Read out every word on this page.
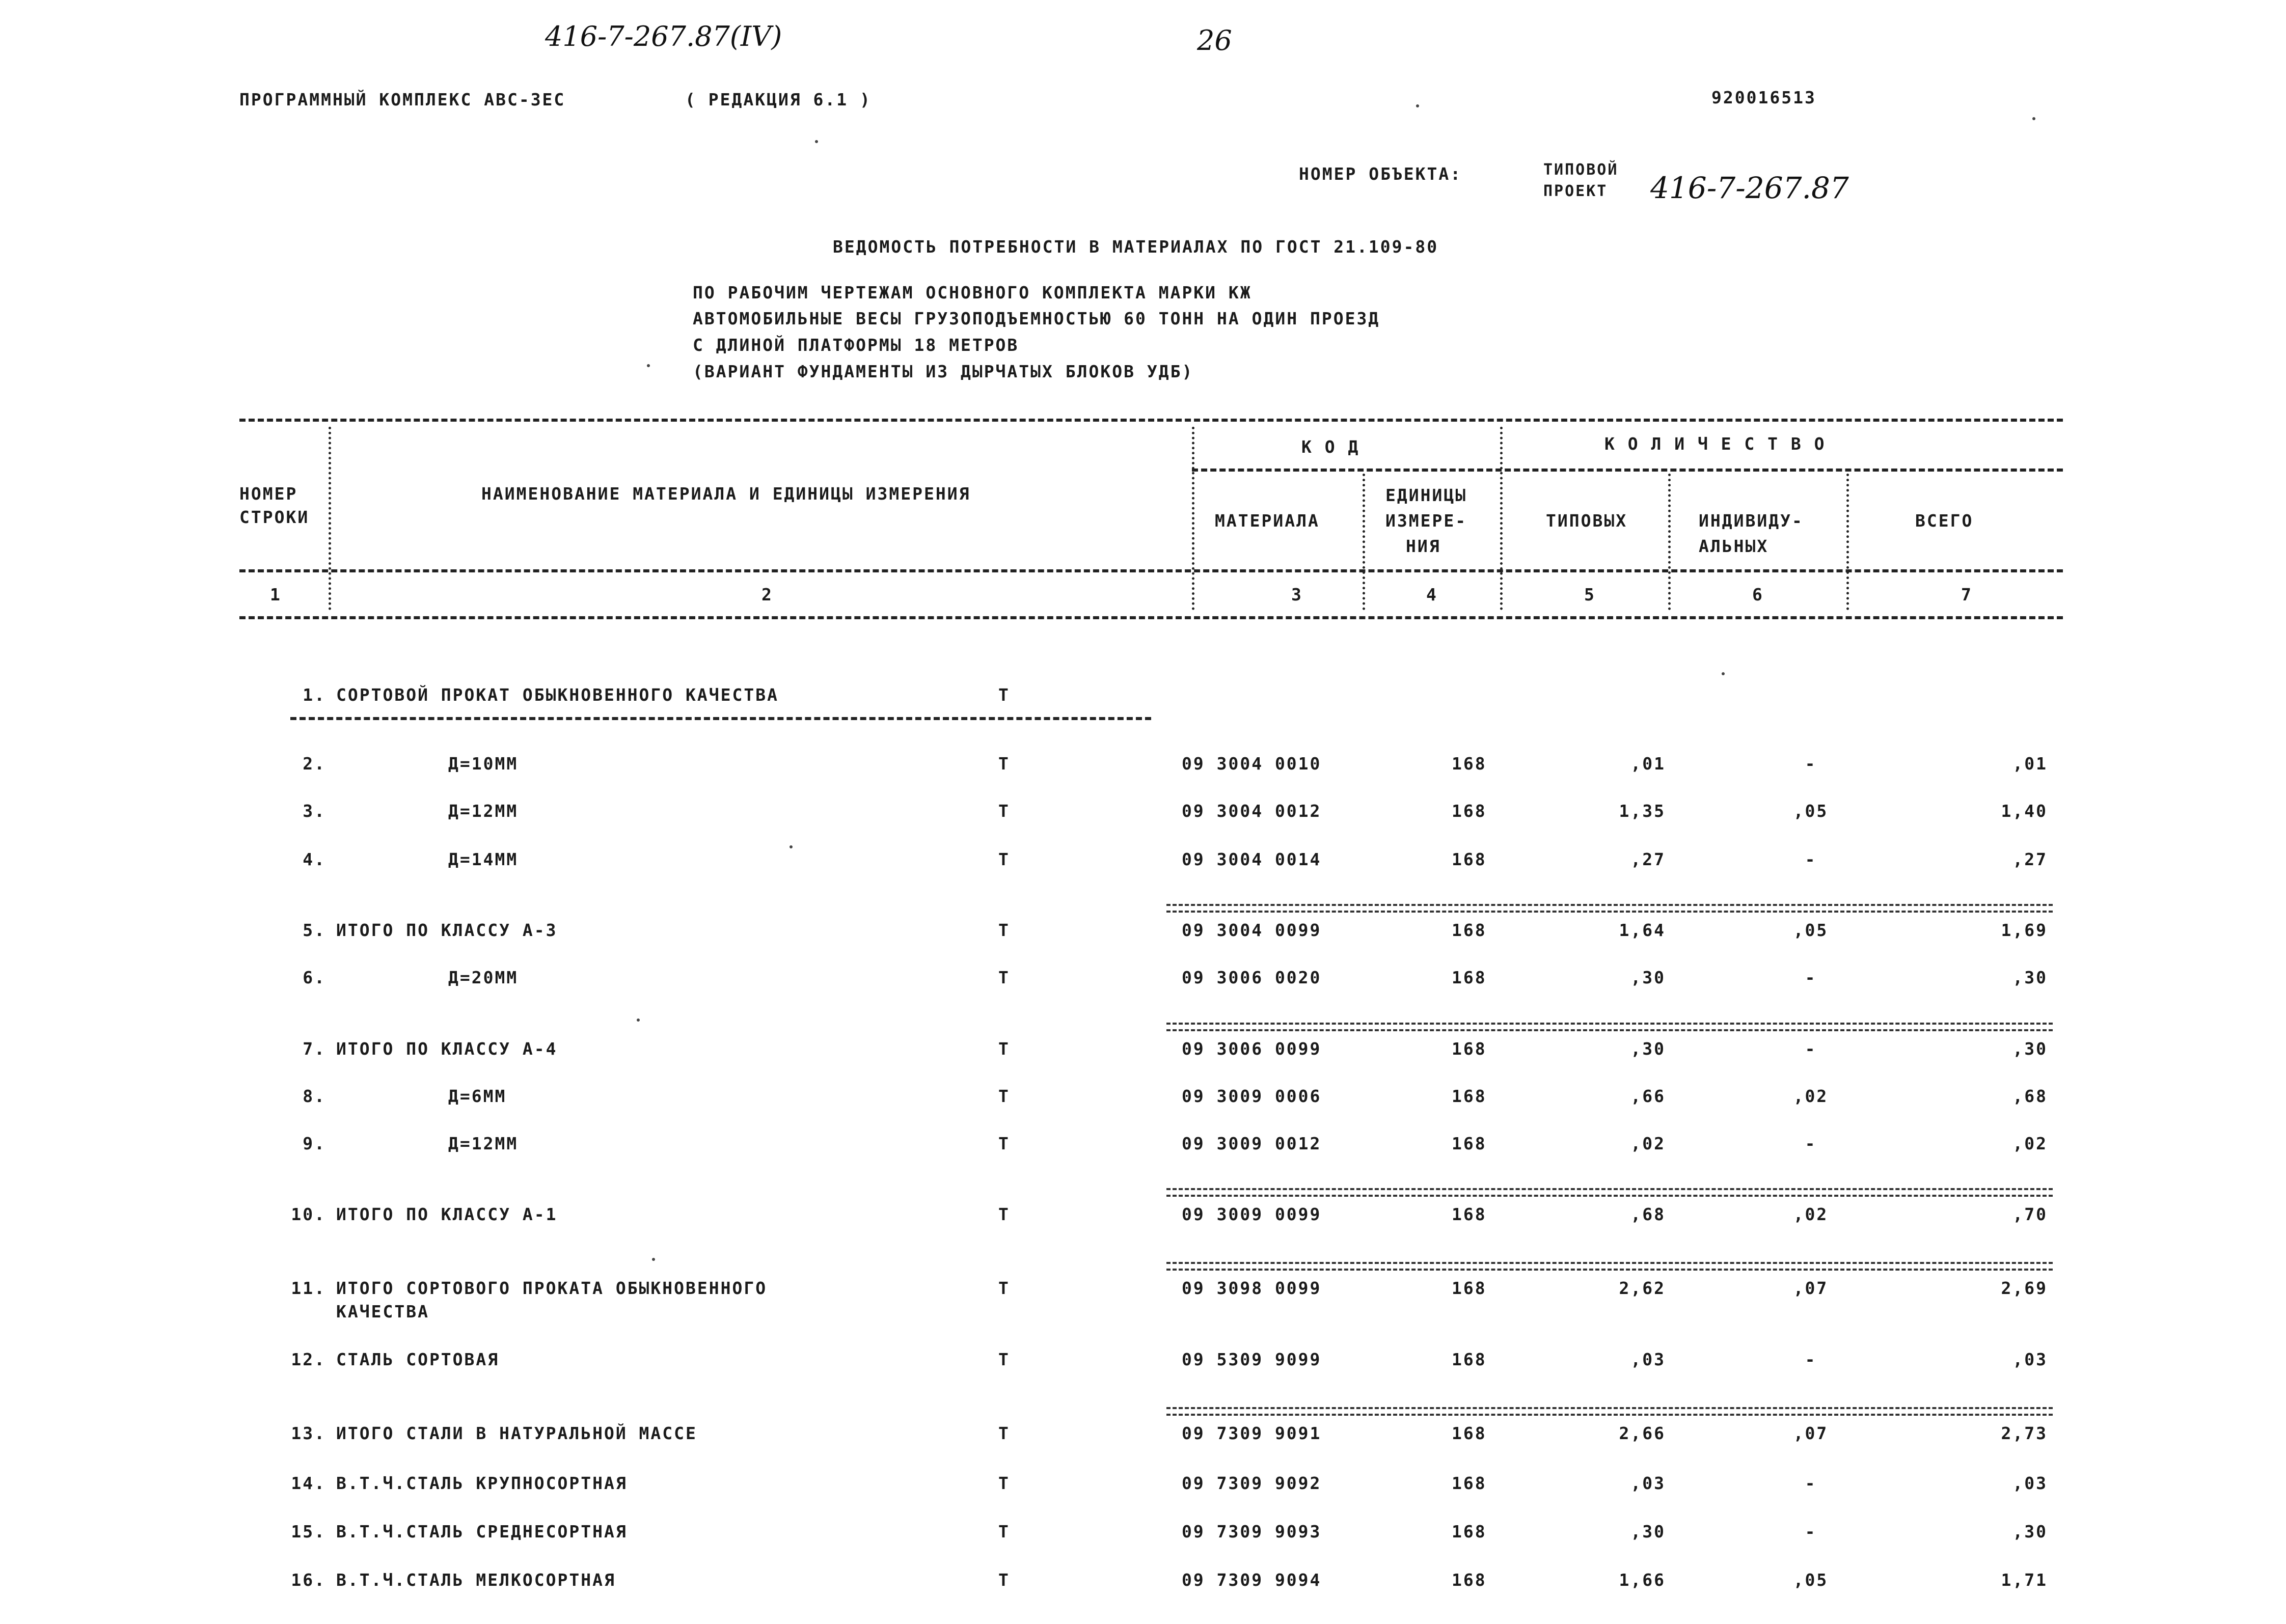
416-7-267.87(IV)	26
416-7-267.87
ПРОГРАММНЫЙ КОМПЛЕКС АВС-3ЕС	( РЕДАКЦИЯ 6.1 )	920016513
НОМЕР ОБЪЕКТА:	ТИПОВОЙ
ПРОЕКТ
ВЕДОМОСТЬ ПОТРЕБНОСТИ В МАТЕРИАЛАХ ПО ГОСТ 21.109-80
ПО РАБОЧИМ ЧЕРТЕЖАМ ОСНОВНОГО КОМПЛЕКТА МАРКИ КЖ
АВТОМОБИЛЬНЫЕ ВЕСЫ ГРУЗОПОДЪЕМНОСТЬЮ 60 ТОНН НА ОДИН ПРОЕЗД
С ДЛИНОЙ ПЛАТФОРМЫ 18 МЕТРОВ
(ВАРИАНТ ФУНДАМЕНТЫ ИЗ ДЫРЧАТЫХ БЛОКОВ УДБ)
НОМЕР
СТРОКИ
НАИМЕНОВАНИЕ МАТЕРИАЛА И ЕДИНИЦЫ ИЗМЕРЕНИЯ
К О Д	К О Л И Ч Е С Т В О
МАТЕРИАЛА
ЕДИНИЦЫ
ИЗМЕРЕ-
НИЯ
ТИПОВЫХ	ИНДИВИДУ-
АЛЬНЫХ
ВСЕГО
1	2	3	4	5	6	7
1. СОРТОВОЙ ПРОКАТ ОБЫКНОВЕННОГО КАЧЕСТВА	Т
2.	Д=10ММ	Т	09 3004 0010	168	,01	-	,01
3.	Д=12ММ	Т	09 3004 0012	168	1,35	,05	1,40
4.	Д=14ММ	Т	09 3004 0014	168	,27	-	,27
5. ИТОГО ПО КЛАССУ А-3	Т	09 3004 0099	168	1,64	,05	1,69
6.	Д=20ММ	Т	09 3006 0020	168	,30	-	,30
7. ИТОГО ПО КЛАССУ А-4	Т	09 3006 0099	168	,30	-	,30
8.	Д=6ММ	Т	09 3009 0006	168	,66	,02	,68
9.	Д=12ММ	Т	09 3009 0012	168	,02	-	,02
10. ИТОГО ПО КЛАССУ А-1	Т	09 3009 0099	168	,68	,02	,70
11. ИТОГО СОРТОВОГО ПРОКАТА ОБЫКНОВЕННОГО
КАЧЕСТВА
Т	09 3098 0099	168	2,62	,07	2,69
12. СТАЛЬ СОРТОВАЯ	Т	09 5309 9099	168	,03	-	,03
13. ИТОГО СТАЛИ В НАТУРАЛЬНОЙ МАССЕ	Т	09 7309 9091	168	2,66	,07	2,73
14. В.Т.Ч.СТАЛЬ КРУПНОСОРТНАЯ	Т	09 7309 9092	168	,03	-	,03
15. В.Т.Ч.СТАЛЬ СРЕДНЕСОРТНАЯ	Т	09 7309 9093	168	,30	-	,30
16. В.Т.Ч.СТАЛЬ МЕЛКОСОРТНАЯ	Т	09 7309 9094	168	1,66	,05	1,71
